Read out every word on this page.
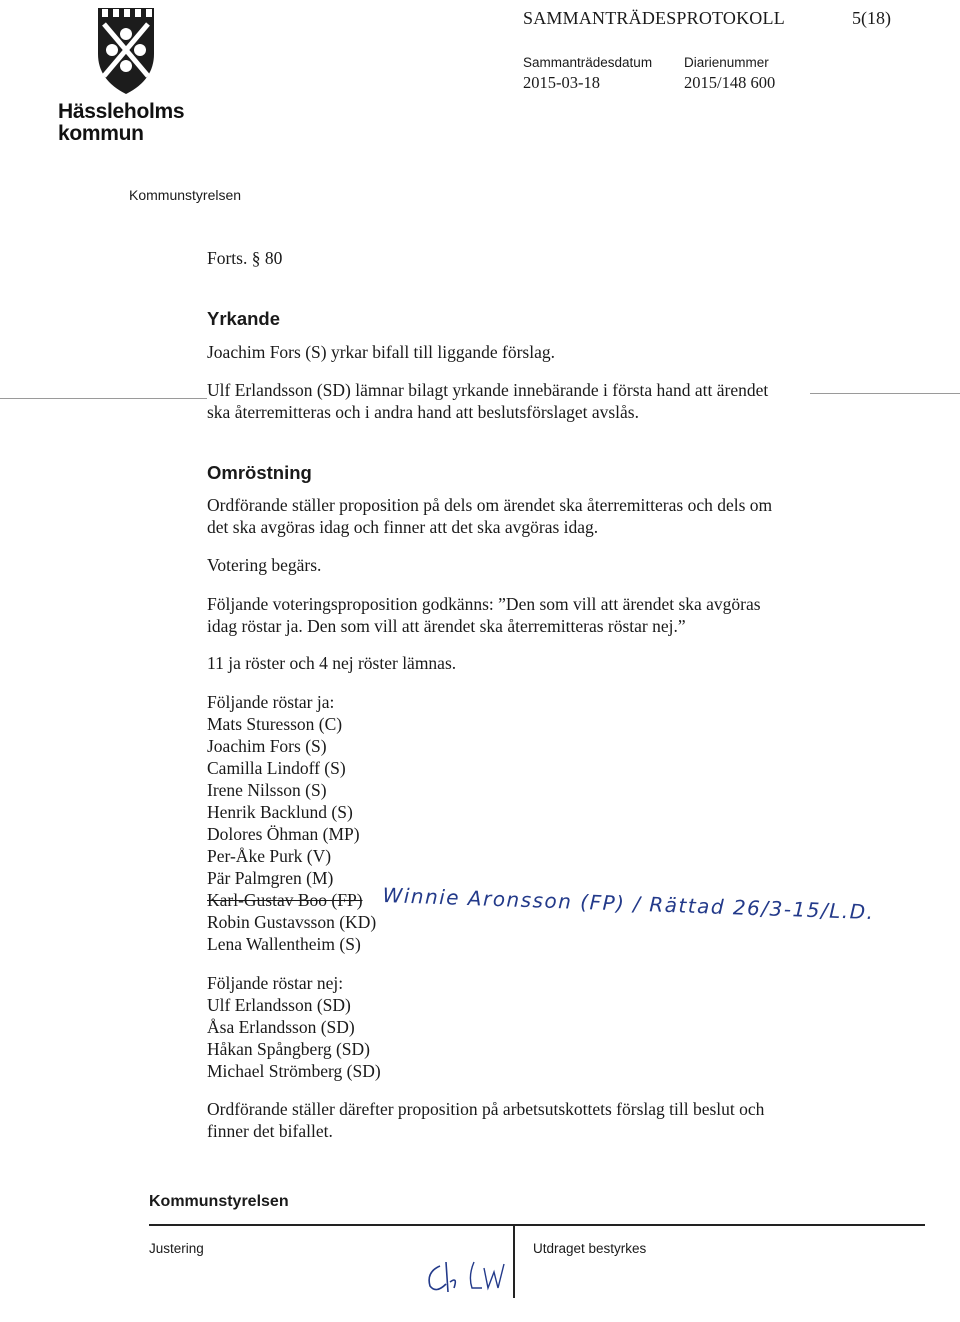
Hässleholms
kommun
SAMMANTRÄDESPROTOKOLL	5(18)
Sammanträdesdatum
2015-03-18
Diarienummer
2015/148 600
Kommunstyrelsen
Forts. § 80
Yrkande
Joachim Fors (S) yrkar bifall till liggande förslag.
Ulf Erlandsson (SD) lämnar bilagt yrkande innebärande i första hand att ärendet
ska återremitteras och i andra hand att beslutsförslaget avslås.
Omröstning
Ordförande ställer proposition på dels om ärendet ska återremitteras och dels om
det ska avgöras idag och finner att det ska avgöras idag.
Votering begärs.
Följande voteringsproposition godkänns: ”Den som vill att ärendet ska avgöras
idag röstar ja. Den som vill att ärendet ska återremitteras röstar nej.”
11 ja röster och 4 nej röster lämnas.
Följande röstar ja:
Mats Sturesson (C)
Joachim Fors (S)
Camilla Lindoff (S)
Irene Nilsson (S)
Henrik Backlund (S)
Dolores Öhman (MP)
Per-Åke Purk (V)
Pär Palmgren (M)
Karl-Gustav Boo (FP)
Robin Gustavsson (KD)
Lena Wallentheim (S)
Winnie Aronsson (FP) / Rättad 26/3-15/L.D.
Följande röstar nej:
Ulf Erlandsson (SD)
Åsa Erlandsson (SD)
Håkan Spångberg (SD)
Michael Strömberg (SD)
Ordförande ställer därefter proposition på arbetsutskottets förslag till beslut och
finner det bifallet.
Kommunstyrelsen
Justering	Utdraget bestyrkes
